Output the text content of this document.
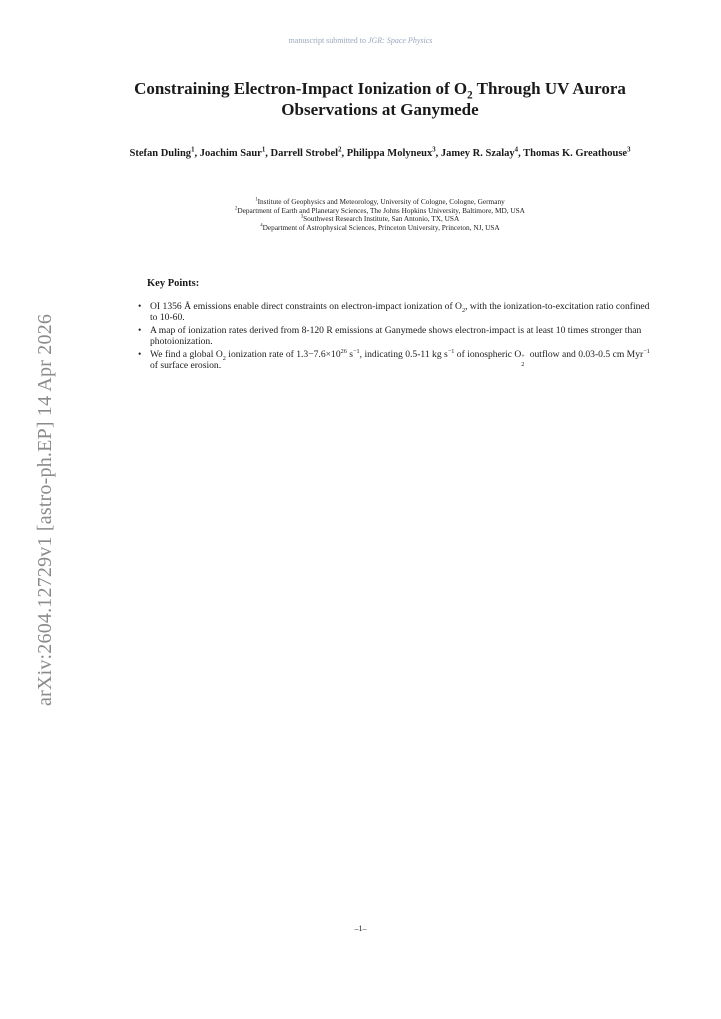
manuscript submitted to JGR: Space Physics
Constraining Electron-Impact Ionization of $O_2$ Through UV Aurora Observations at Ganymede
Stefan Duling$^1$, Joachim Saur$^1$, Darrell Strobel$^2$, Philippa Molyneux$^3$, Jamey R. Szalay$^4$, Thomas K. Greathouse$^3$
$^1$Institute of Geophysics and Meteorology, University of Cologne, Cologne, Germany
$^2$Department of Earth and Planetary Sciences, The Johns Hopkins University, Baltimore, MD, USA
$^3$Southwest Research Institute, San Antonio, TX, USA
$^4$Department of Astrophysical Sciences, Princeton University, Princeton, NJ, USA
Key Points:
• OI 1356 Å emissions enable direct constraints on electron-impact ionization of $O_2$, with the ionization-to-excitation ratio confined to 10-60.
• A map of ionization rates derived from 8-120 R emissions at Ganymede shows electron-impact is at least 10 times stronger than photoionization.
• We find a global $O_2$ ionization rate of $1.3-7.6\times 10^{26}$ $s^{-1}$, indicating 0.5-11 kg $s^{-1}$ of ionospheric O +
2
outflow and 0.03-0.5 cm Myr$^{-1}$ of surface erosion.
arXiv:2604.12729v1 [astro-ph.EP] 14 Apr 2026
–1–
